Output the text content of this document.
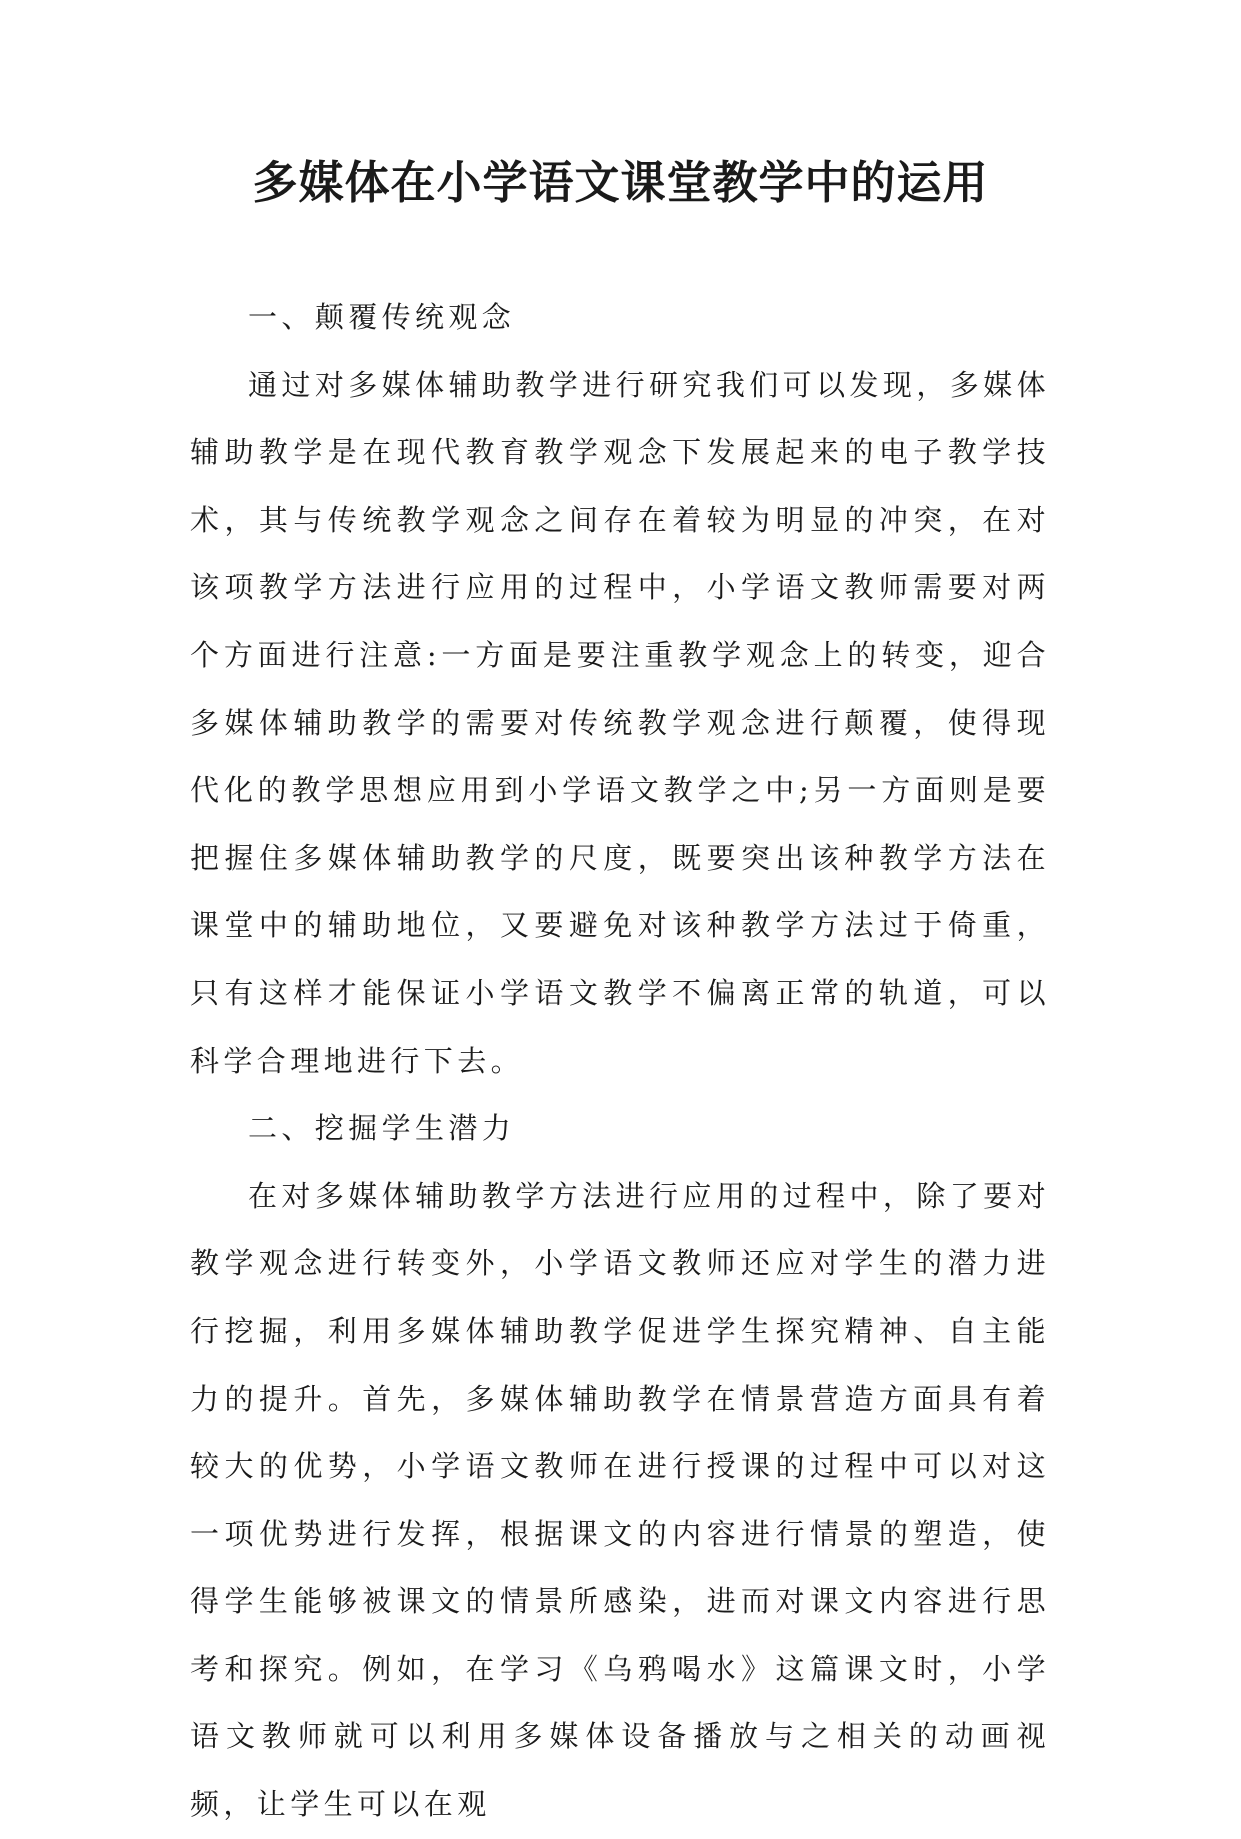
多媒体在小学语文课堂教学中的运用

一、颠覆传统观念

通过对多媒体辅助教学进行研究我们可以发现，多媒体辅助教学是在现代教育教学观念下发展起来的电子教学技术，其与传统教学观念之间存在着较为明显的冲突，在对该项教学方法进行应用的过程中，小学语文教师需要对两个方面进行注意:一方面是要注重教学观念上的转变，迎合多媒体辅助教学的需要对传统教学观念进行颠覆，使得现代化的教学思想应用到小学语文教学之中;另一方面则是要把握住多媒体辅助教学的尺度，既要突出该种教学方法在课堂中的辅助地位，又要避免对该种教学方法过于倚重，只有这样才能保证小学语文教学不偏离正常的轨道，可以科学合理地进行下去。

二、挖掘学生潜力

在对多媒体辅助教学方法进行应用的过程中，除了要对教学观念进行转变外，小学语文教师还应对学生的潜力进行挖掘，利用多媒体辅助教学促进学生探究精神、自主能力的提升。首先，多媒体辅助教学在情景营造方面具有着较大的优势，小学语文教师在进行授课的过程中可以对这一项优势进行发挥，根据课文的内容进行情景的塑造，使得学生能够被课文的情景所感染，进而对课文内容进行思考和探究。例如，在学习《乌鸦喝水》这篇课文时，小学语文教师就可以利用多媒体设备播放与之相关的动画视频，让学生可以在观
